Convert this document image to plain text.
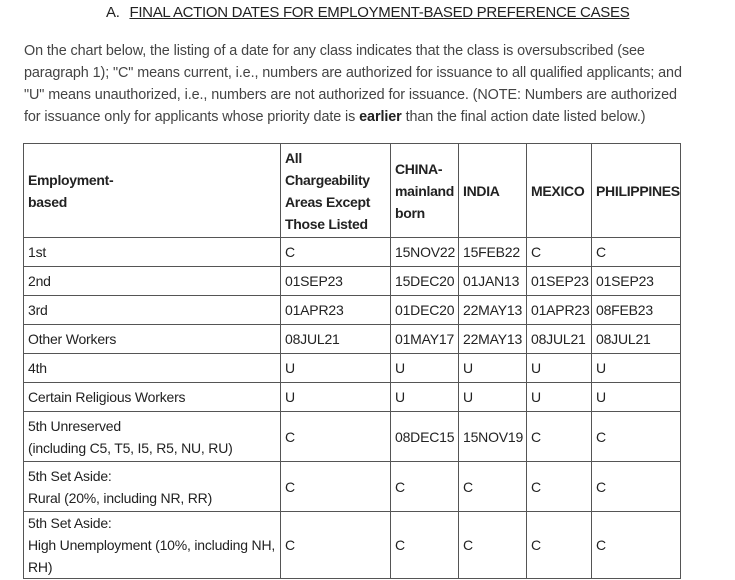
A. FINAL ACTION DATES FOR EMPLOYMENT-BASED PREFERENCE CASES
On the chart below, the listing of a date for any class indicates that the class is oversubscribed (see paragraph 1); "C" means current, i.e., numbers are authorized for issuance to all qualified applicants; and "U" means unauthorized, i.e., numbers are not authorized for issuance. (NOTE: Numbers are authorized for issuance only for applicants whose priority date is earlier than the final action date listed below.)
Employment-
based	All Chargeability Areas Except Those Listed	CHINA-mainland born	INDIA	MEXICO	PHILIPPINES
1st	C	15NOV22	15FEB22	C	C
2nd	01SEP23	15DEC20	01JAN13	01SEP23	01SEP23
3rd	01APR23	01DEC20	22MAY13	01APR23	08FEB23
Other Workers	08JUL21	01MAY17	22MAY13	08JUL21	08JUL21
4th	U	U	U	U	U
Certain Religious Workers	U	U	U	U	U
5th Unreserved
(including C5, T5, I5, R5, NU, RU)	C	08DEC15	15NOV19	C	C
5th Set Aside:
Rural (20%, including NR, RR)	C	C	C	C	C
5th Set Aside:
High Unemployment (10%, including NH, RH)	C	C	C	C	C
